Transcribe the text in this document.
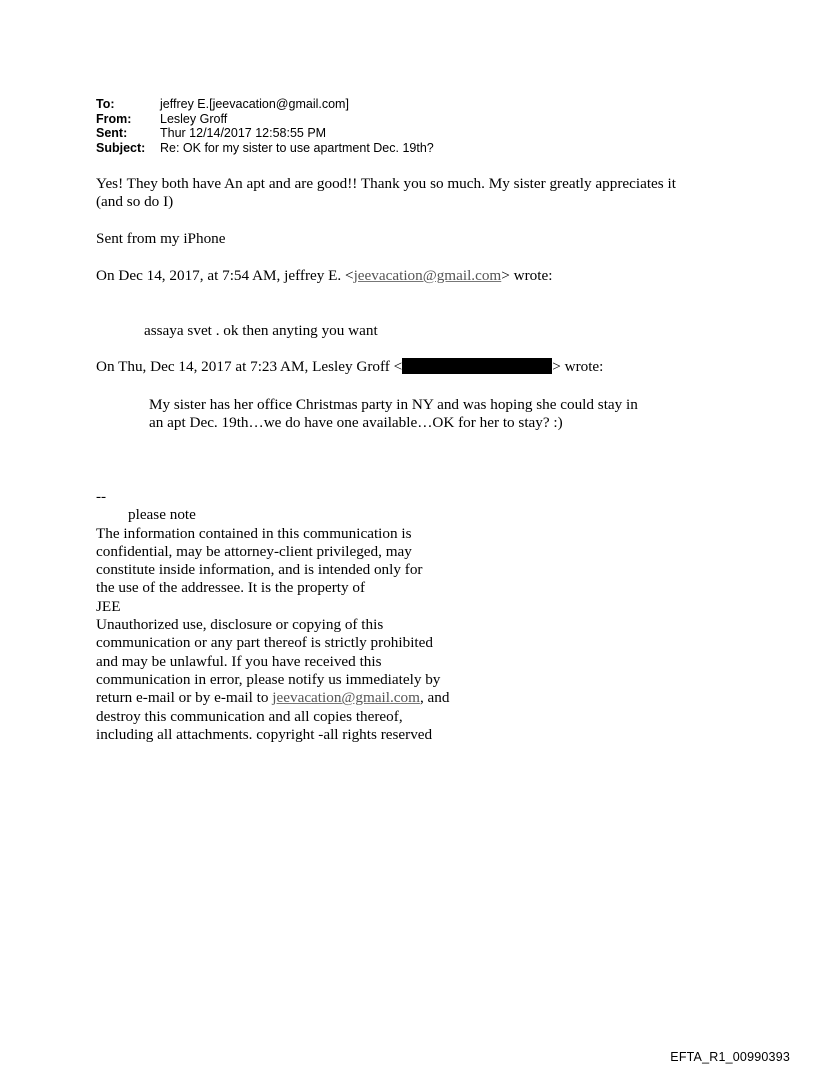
To:	jeffrey E.[jeevacation@gmail.com]
From:	Lesley Groff
Sent:	Thur 12/14/2017 12:58:55 PM
Subject:	Re: OK for my sister to use apartment Dec. 19th?
Yes! They both have An apt and are good!! Thank you so much. My sister greatly appreciates it
(and so do I)
Sent from my iPhone
On Dec 14, 2017, at 7:54 AM, jeffrey E. <jeevacation@gmail.com> wrote:
assaya svet . ok then anyting you want
On Thu, Dec 14, 2017 at 7:23 AM, Lesley Groff <	> wrote:
My sister has her office Christmas party in NY and was hoping she could stay in
an apt Dec. 19th…we do have one available…OK for her to stay? :)
--
please note
The information contained in this communication is
confidential, may be attorney-client privileged, may
constitute inside information, and is intended only for
the use of the addressee. It is the property of
JEE
Unauthorized use, disclosure or copying of this
communication or any part thereof is strictly prohibited
and may be unlawful. If you have received this
communication in error, please notify us immediately by
return e-mail or by e-mail to jeevacation@gmail.com, and
destroy this communication and all copies thereof,
including all attachments. copyright -all rights reserved
EFTA_R1_00990393
